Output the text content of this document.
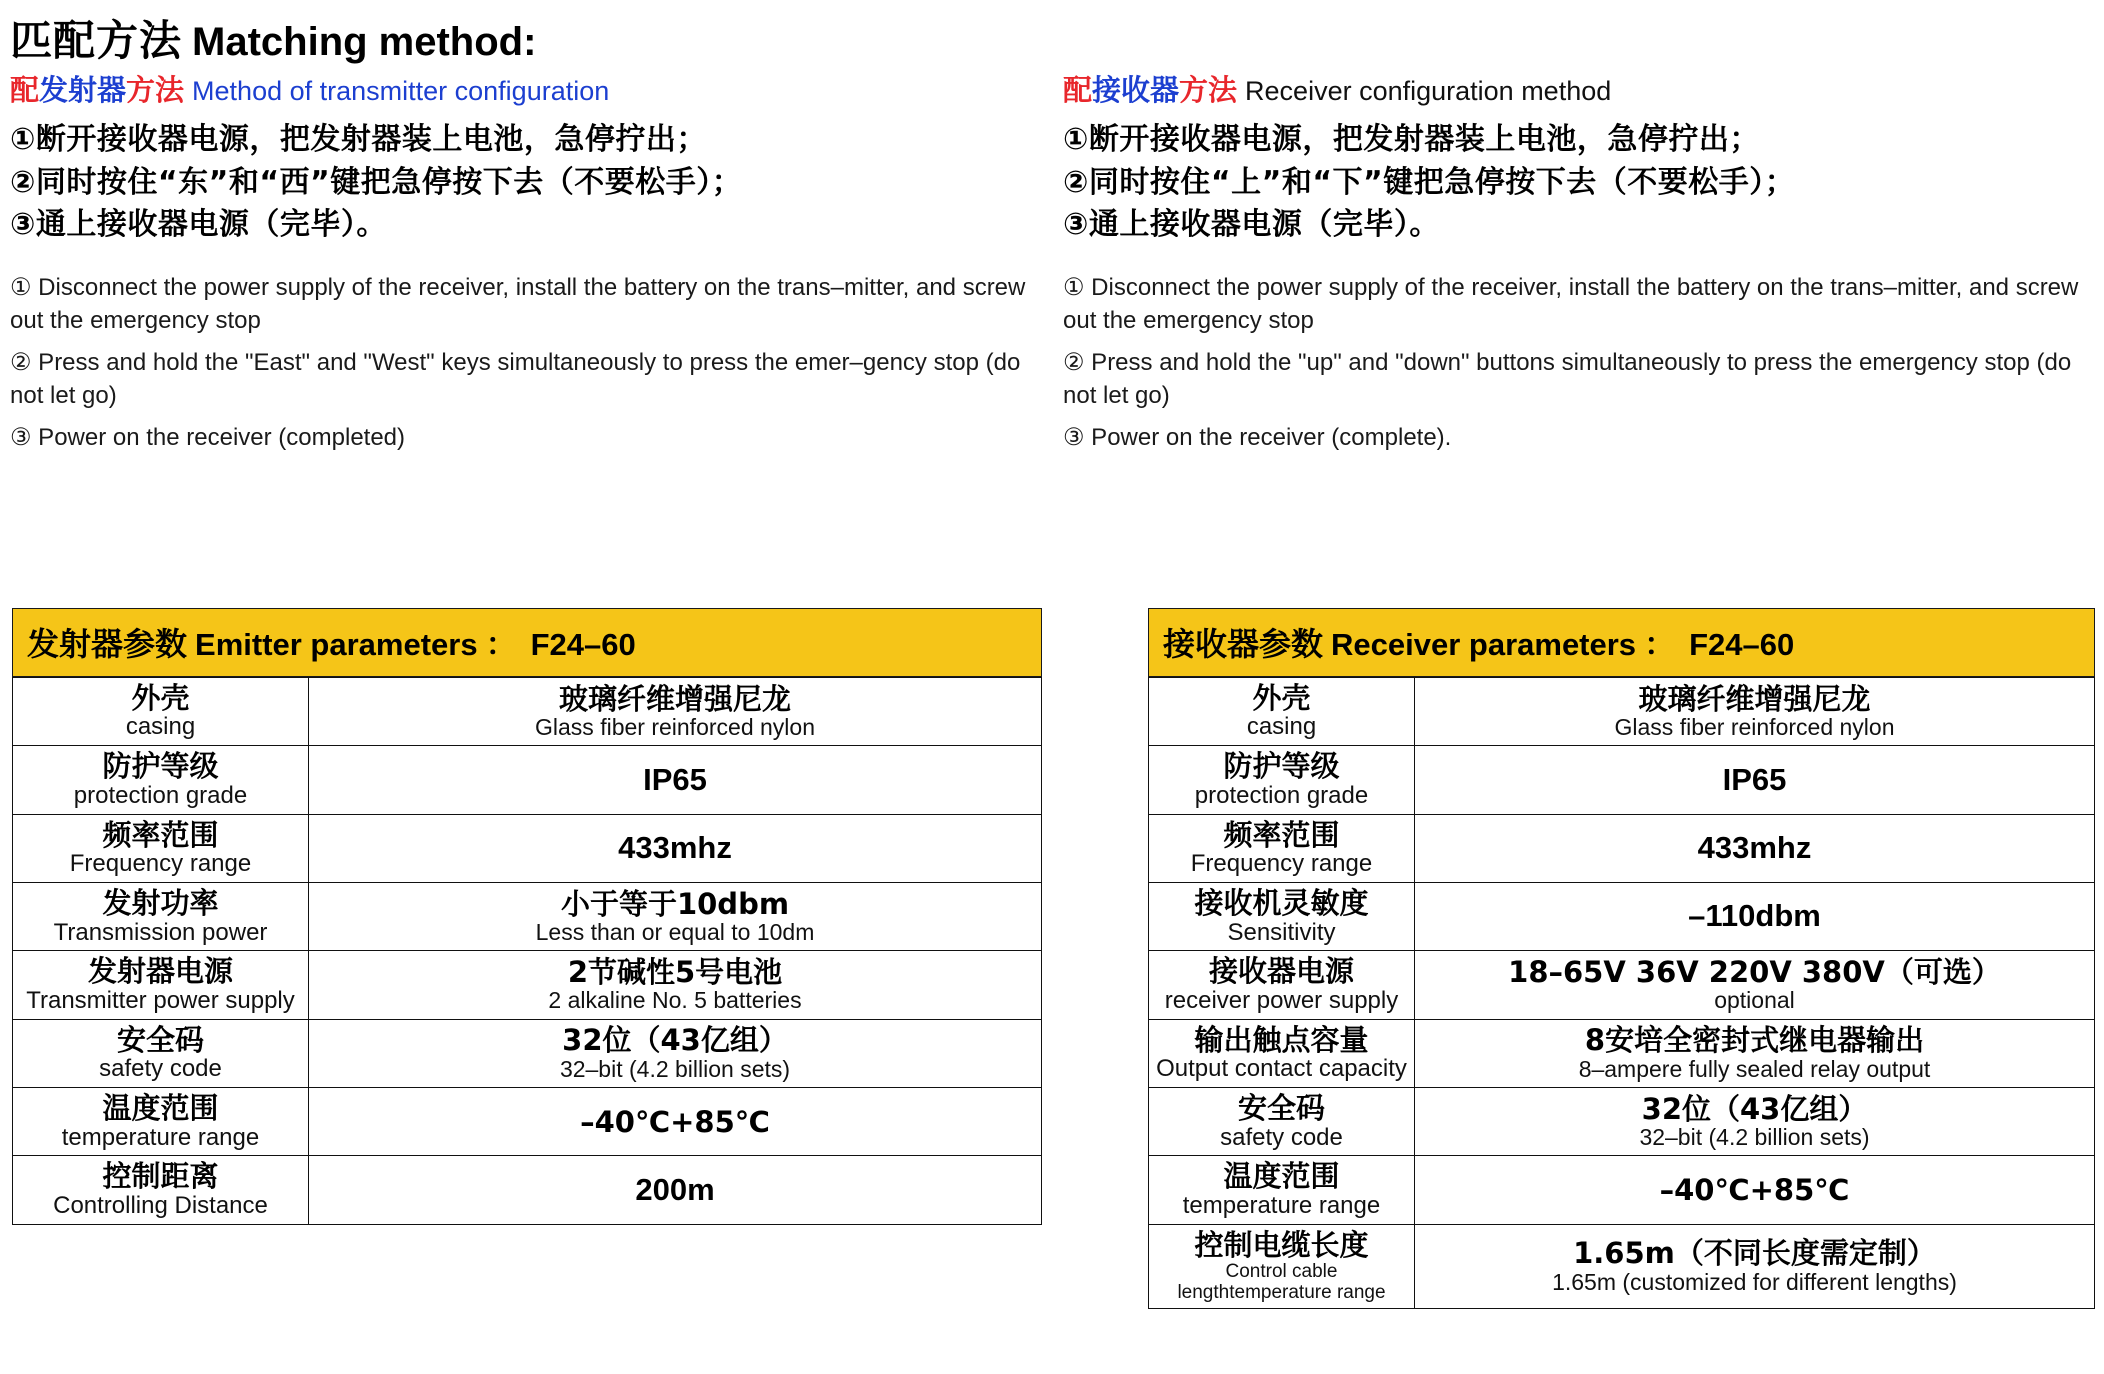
匹配方法 Matching method:
配发射器方法 Method of transmitter configuration
①断开接收器电源，把发射器装上电池，急停拧出；
②同时按住“东”和“西”键把急停按下去（不要松手）；
③通上接收器电源（完毕）。

① Disconnect the power supply of the receiver, install the battery on the trans–mitter, and screw out the emergency stop

② Press and hold the "East" and "West" keys simultaneously to press the emer–gency stop (do not let go)

③ Power on the receiver (completed)

配接收器方法 Receiver configuration method
①断开接收器电源，把发射器装上电池，急停拧出；
②同时按住“上”和“下”键把急停按下去（不要松手）；
③通上接收器电源（完毕）。

① Disconnect the power supply of the receiver, install the battery on the trans–mitter, and screw out the emergency stop

② Press and hold the "up" and "down" buttons simultaneously to press the emergency stop (do not let go)

③ Power on the receiver (complete).

发射器参数 Emitter parameters ： F24–60
外壳
casing	玻璃纤维增强尼龙
Glass fiber reinforced nylon

防护等级
protection grade	IP65

频率范围
Frequency range	433mhz

发射功率
Transmission power	小于等于10dbm
Less than or equal to 10dm

发射器电源
Transmitter power supply	2节碱性5号电池
2 alkaline No. 5 batteries

安全码
safety code	32位（43亿组）
32–bit (4.2 billion sets)

温度范围
temperature range	–40℃+85℃

控制距离
Controlling Distance	200m
接收器参数 Receiver parameters ： F24–60
外壳
casing	玻璃纤维增强尼龙
Glass fiber reinforced nylon

防护等级
protection grade	IP65

频率范围
Frequency range	433mhz

接收机灵敏度
Sensitivity	–110dbm

接收器电源
receiver power supply	18–65V 36V 220V 380V（可选）
optional

输出触点容量
Output contact capacity	8安培全密封式继电器输出
8–ampere fully sealed relay output

安全码
safety code	32位（43亿组）
32–bit (4.2 billion sets)

温度范围
temperature range	–40℃+85℃

控制电缆长度
Control cable lengthtemperature range	1.65m（不同长度需定制）
1.65m (customized for different lengths)
